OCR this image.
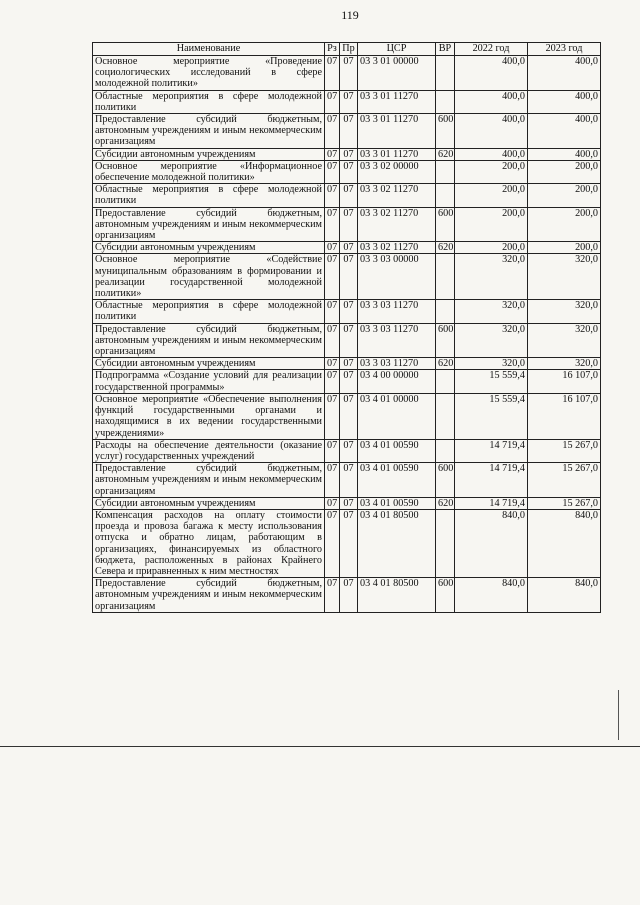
119
Наименование	Рз	Пр	ЦСР	ВР	2022 год	2023 год
Основное мероприятие «Проведение социологических исследований в сфере молодежной политики»	07	07	03 3 01 00000		400,0	400,0
Областные мероприятия в сфере молодежной политики	07	07	03 3 01 11270		400,0	400,0
Предоставление субсидий бюджетным, автономным учреждениям и иным некоммерческим организациям	07	07	03 3 01 11270	600	400,0	400,0
Субсидии автономным учреждениям	07	07	03 3 01 11270	620	400,0	400,0
Основное мероприятие «Информационное обеспечение молодежной политики»	07	07	03 3 02 00000		200,0	200,0
Областные мероприятия в сфере молодежной политики	07	07	03 3 02 11270		200,0	200,0
Предоставление субсидий бюджетным, автономным учреждениям и иным некоммерческим организациям	07	07	03 3 02 11270	600	200,0	200,0
Субсидии автономным учреждениям	07	07	03 3 02 11270	620	200,0	200,0
Основное мероприятие «Содействие муниципальным образованиям в формировании и реализации государственной молодежной политики»	07	07	03 3 03 00000		320,0	320,0
Областные мероприятия в сфере молодежной политики	07	07	03 3 03 11270		320,0	320,0
Предоставление субсидий бюджетным, автономным учреждениям и иным некоммерческим организациям	07	07	03 3 03 11270	600	320,0	320,0
Субсидии автономным учреждениям	07	07	03 3 03 11270	620	320,0	320,0
Подпрограмма «Создание условий для реализации государственной программы»	07	07	03 4 00 00000		15 559,4	16 107,0
Основное мероприятие «Обеспечение выполнения функций государственными органами и находящимися в их ведении государственными учреждениями»	07	07	03 4 01 00000		15 559,4	16 107,0
Расходы на обеспечение деятельности (оказание услуг) государственных учреждений	07	07	03 4 01 00590		14 719,4	15 267,0
Предоставление субсидий бюджетным, автономным учреждениям и иным некоммерческим организациям	07	07	03 4 01 00590	600	14 719,4	15 267,0
Субсидии автономным учреждениям	07	07	03 4 01 00590	620	14 719,4	15 267,0
Компенсация расходов на оплату стоимости проезда и провоза багажа к месту использования отпуска и обратно лицам, работающим в организациях, финансируемых из областного бюджета, расположенных в районах Крайнего Севера и приравненных к ним местностях	07	07	03 4 01 80500		840,0	840,0
Предоставление субсидий бюджетным, автономным учреждениям и иным некоммерческим организациям	07	07	03 4 01 80500	600	840,0	840,0
